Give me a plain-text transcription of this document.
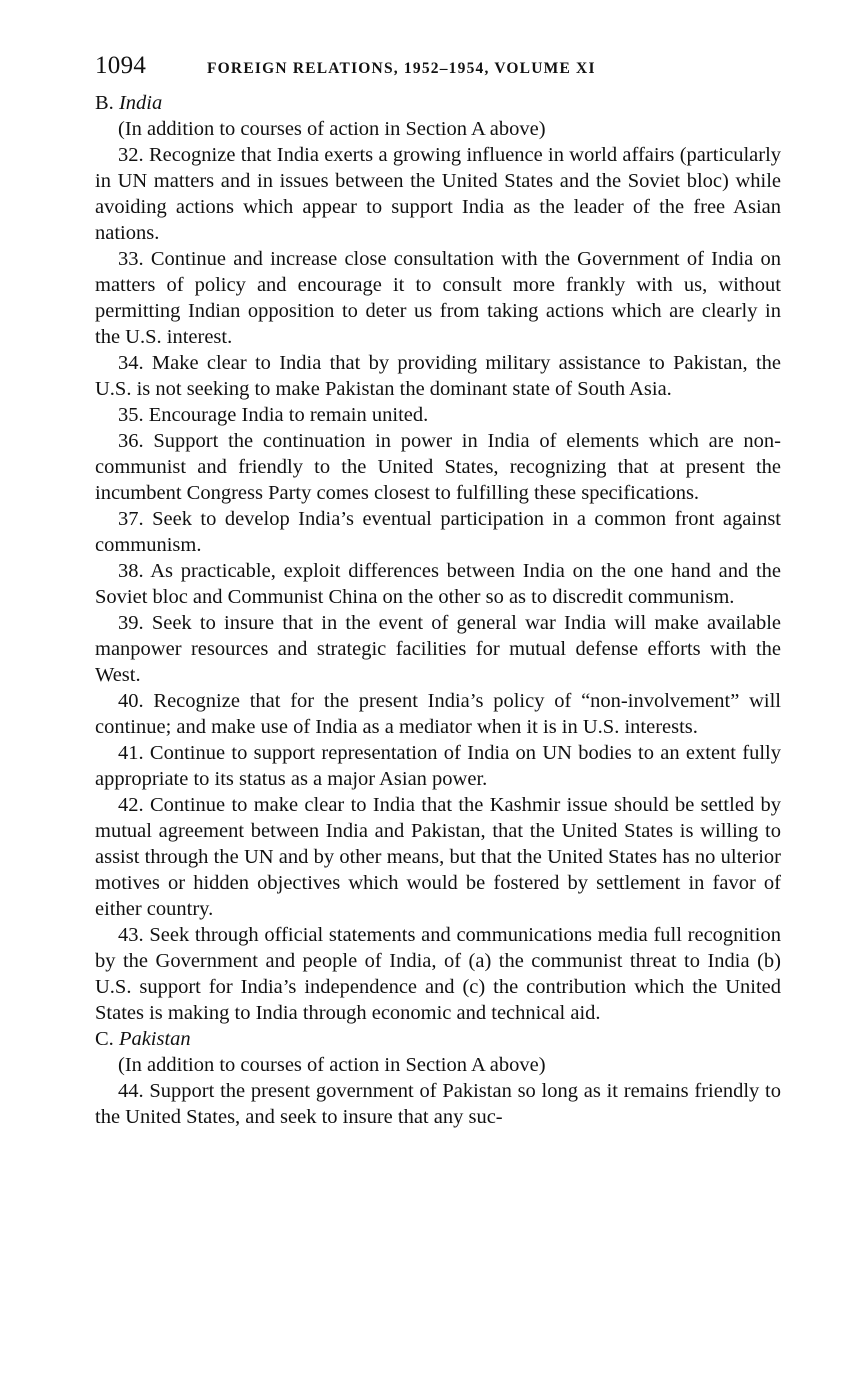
1094	FOREIGN RELATIONS, 1952–1954, VOLUME XI

B. India

(In addition to courses of action in Section A above)

32. Recognize that India exerts a growing influence in world affairs (particularly in UN matters and in issues between the United States and the Soviet bloc) while avoiding actions which appear to support India as the leader of the free Asian nations.

33. Continue and increase close consultation with the Government of India on matters of policy and encourage it to consult more frankly with us, without permitting Indian opposition to deter us from taking actions which are clearly in the U.S. interest.

34. Make clear to India that by providing military assistance to Pakistan, the U.S. is not seeking to make Pakistan the dominant state of South Asia.

35. Encourage India to remain united.

36. Support the continuation in power in India of elements which are non-communist and friendly to the United States, recognizing that at present the incumbent Congress Party comes closest to fulfilling these specifications.

37. Seek to develop India’s eventual participation in a common front against communism.

38. As practicable, exploit differences between India on the one hand and the Soviet bloc and Communist China on the other so as to discredit communism.

39. Seek to insure that in the event of general war India will make available manpower resources and strategic facilities for mutual defense efforts with the West.

40. Recognize that for the present India’s policy of “non-involvement” will continue; and make use of India as a mediator when it is in U.S. interests.

41. Continue to support representation of India on UN bodies to an extent fully appropriate to its status as a major Asian power.

42. Continue to make clear to India that the Kashmir issue should be settled by mutual agreement between India and Pakistan, that the United States is willing to assist through the UN and by other means, but that the United States has no ulterior motives or hidden objectives which would be fostered by settlement in favor of either country.

43. Seek through official statements and communications media full recognition by the Government and people of India, of (a) the communist threat to India (b) U.S. support for India’s independence and (c) the contribution which the United States is making to India through economic and technical aid.

C. Pakistan

(In addition to courses of action in Section A above)

44. Support the present government of Pakistan so long as it remains friendly to the United States, and seek to insure that any suc-
